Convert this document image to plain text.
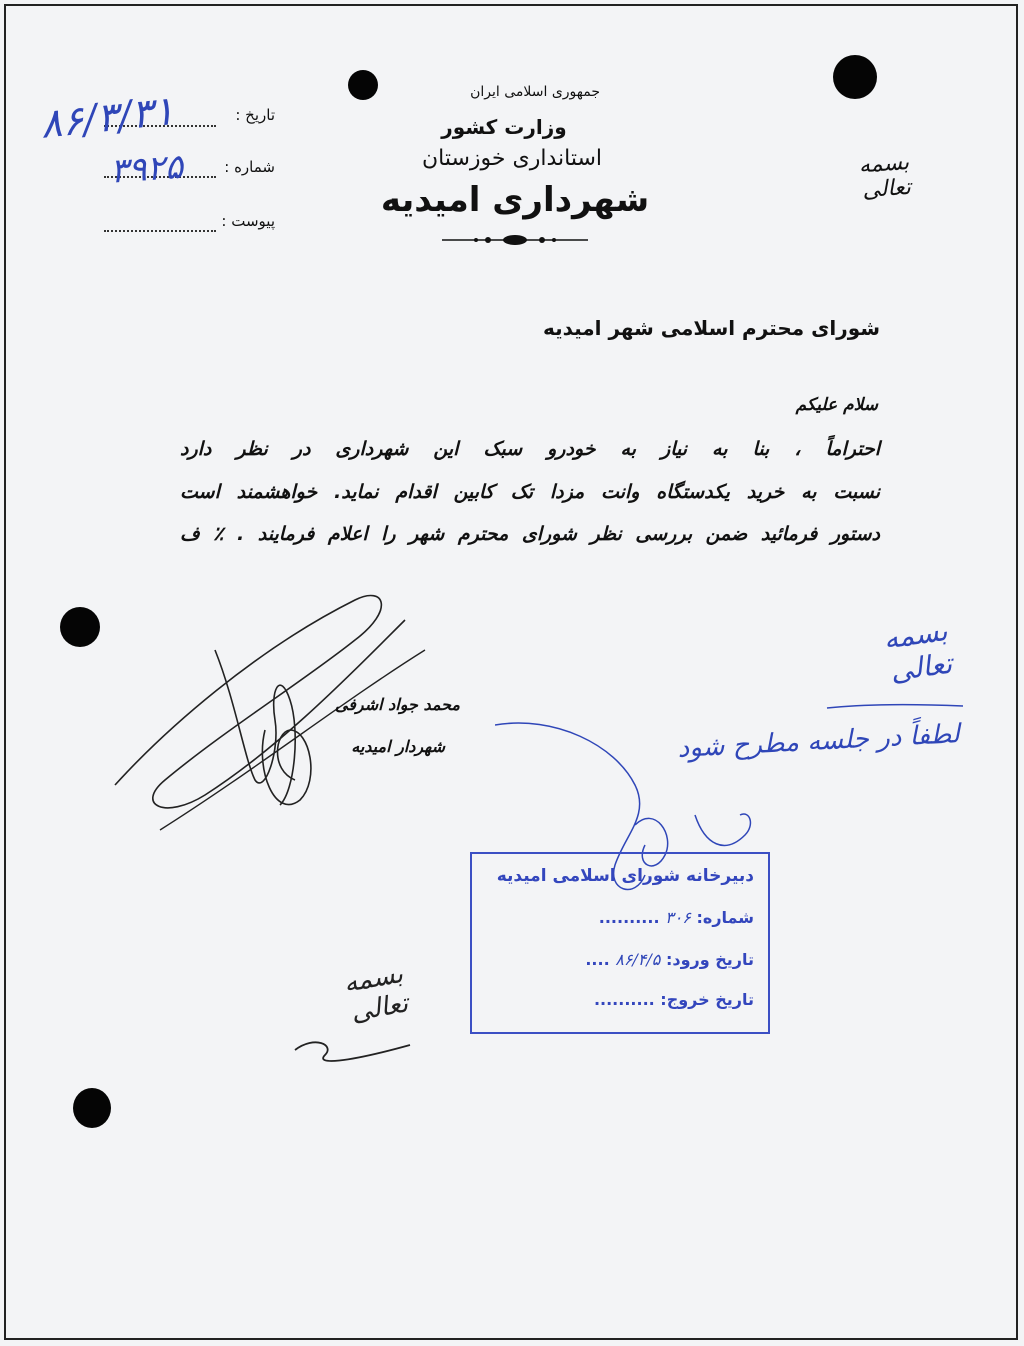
جمهوری اسلامی ایران
وزارت کشور
استانداری خوزستان
شهرداری امیدیه
بسمه تعالی
تاریخ :
شماره :
پیوست :
۸۶/۳/۳۱
۳۹۲۵
شورای محترم اسلامی شهر امیدیه
سلام علیکم
احتراماً ، بنا به نیاز به خودرو سبک این شهرداری در نظر دارد
نسبت به خرید یکدستگاه وانت مزدا تک کابین اقدام نماید. خواهشمند است
دستور فرمائید ضمن بررسی نظر شورای محترم شهر را اعلام فرمایند . ٪ ف
محمد جواد اشرفی
شهردار امیدیه
بسمه تعالی
لطفاً در جلسه مطرح شود
بسمه تعالی
دبیرخانه شورای اسلامی امیدیه
شماره: ۳۰۶ ..........
تاریخ ورود: ۸۶/۴/۵ ....
تاریخ خروج: ..........
